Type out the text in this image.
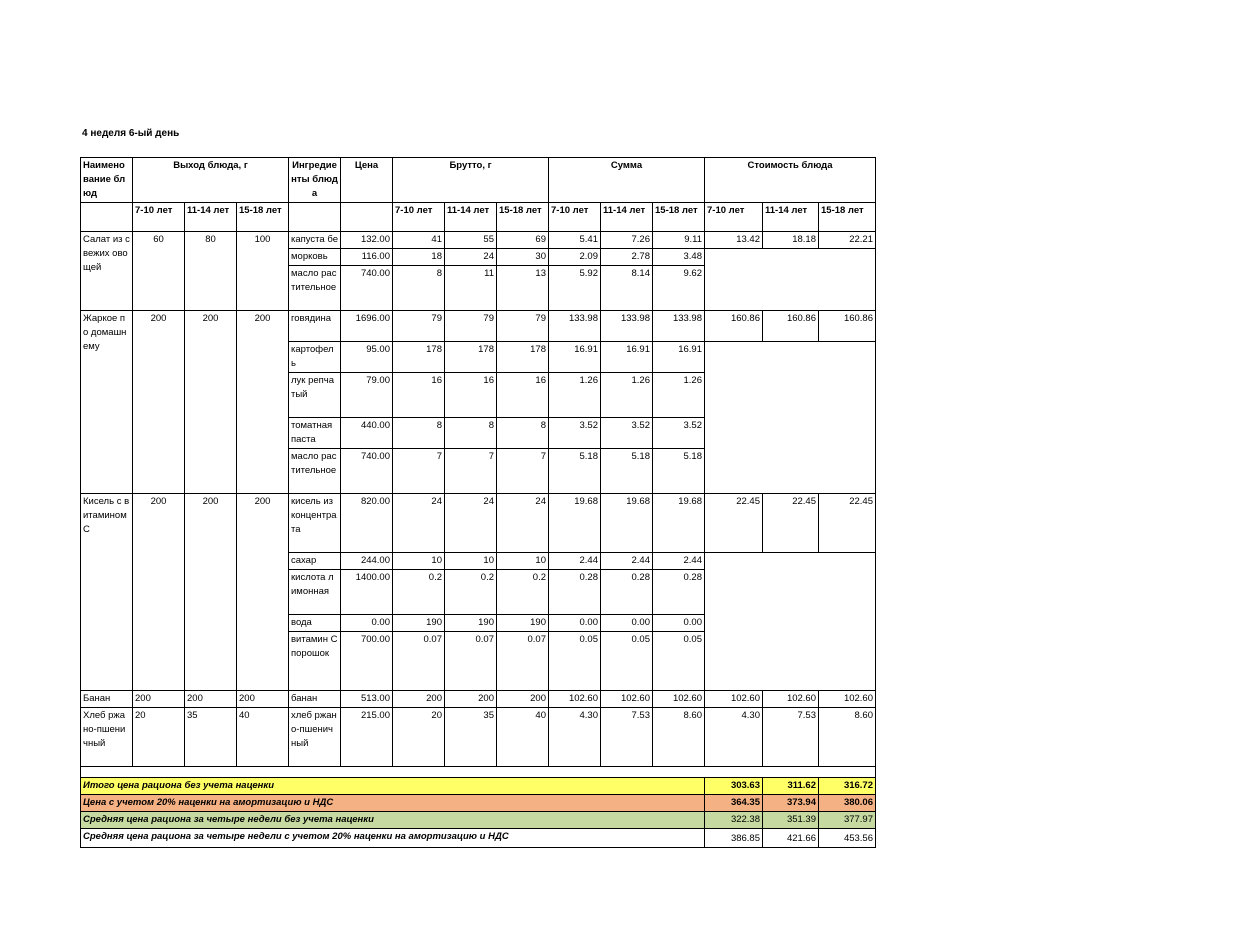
4 неделя 6-ый день
Наименование блюд	Выход блюда, г			Ингредиенты блюда	Цена	Брутто, г			Сумма			Стоимость блюда		
	7-10 лет	11-14 лет	15-18 лет			7-10 лет	11-14 лет	15-18 лет	7-10 лет	11-14 лет	15-18 лет	7-10 лет	11-14 лет	15-18 лет
Салат из свежих овощей	60	80	100	капуста бе	132.00	41	55	69	5.41	7.26	9.11	13.42	18.18	22.21
				морковь	116.00	18	24	30	2.09	2.78	3.48			
				масло растительное	740.00	8	11	13	5.92	8.14	9.62			
Жаркое по домашнему	200	200	200	говядина	1696.00	79	79	79	133.98	133.98	133.98	160.86	160.86	160.86
				картофель	95.00	178	178	178	16.91	16.91	16.91			
				лук репчатый	79.00	16	16	16	1.26	1.26	1.26			
				томатная паста	440.00	8	8	8	3.52	3.52	3.52			
				масло растительное	740.00	7	7	7	5.18	5.18	5.18			
Кисель с витамином С	200	200	200	кисель из концентрата	820.00	24	24	24	19.68	19.68	19.68	22.45	22.45	22.45
				сахар	244.00	10	10	10	2.44	2.44	2.44			
				кислота лимонная	1400.00	0.2	0.2	0.2	0.28	0.28	0.28			
				вода	0.00	190	190	190	0.00	0.00	0.00			
				витамин С порошок	700.00	0.07	0.07	0.07	0.05	0.05	0.05			
Банан	200	200	200	банан	513.00	200	200	200	102.60	102.60	102.60	102.60	102.60	102.60
Хлеб ржано-пшеничный	20	35	40	хлеб ржано-пшеничный	215.00	20	35	40	4.30	7.53	8.60	4.30	7.53	8.60

Итого цена рациона без учета наценки												303.63	311.62	316.72
Цена с учетом 20% наценки на амортизацию и НДС												364.35	373.94	380.06
Средняя цена рациона за четыре недели без учета наценки												322.38	351.39	377.97
Средняя цена рациона за четыре недели с учетом 20% наценки на амортизацию и НДС												386.85	421.66	453.56
